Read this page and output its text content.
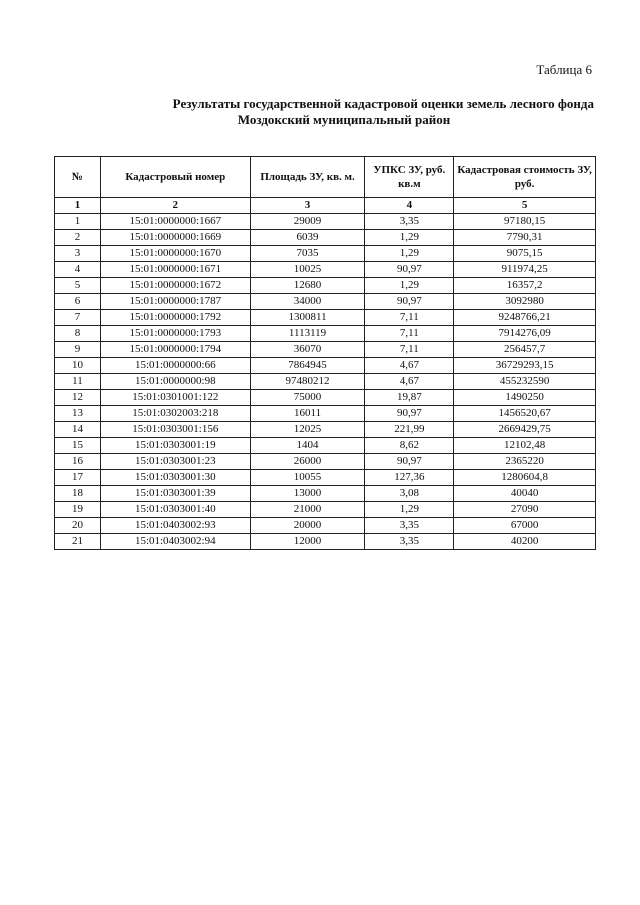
Таблица 6
Результаты государственной кадастровой оценки земель лесного фонда
Моздокский муниципальный район
№	Кадастровый номер	Площадь ЗУ, кв. м.	УПКС ЗУ, руб. кв.м	Кадастровая стоимость ЗУ, руб.
1	2	3	4	5
1	15:01:0000000:1667	29009	3,35	97180,15
2	15:01:0000000:1669	6039	1,29	7790,31
3	15:01:0000000:1670	7035	1,29	9075,15
4	15:01:0000000:1671	10025	90,97	911974,25
5	15:01:0000000:1672	12680	1,29	16357,2
6	15:01:0000000:1787	34000	90,97	3092980
7	15:01:0000000:1792	1300811	7,11	9248766,21
8	15:01:0000000:1793	1113119	7,11	7914276,09
9	15:01:0000000:1794	36070	7,11	256457,7
10	15:01:0000000:66	7864945	4,67	36729293,15
11	15:01:0000000:98	97480212	4,67	455232590
12	15:01:0301001:122	75000	19,87	1490250
13	15:01:0302003:218	16011	90,97	1456520,67
14	15:01:0303001:156	12025	221,99	2669429,75
15	15:01:0303001:19	1404	8,62	12102,48
16	15:01:0303001:23	26000	90,97	2365220
17	15:01:0303001:30	10055	127,36	1280604,8
18	15:01:0303001:39	13000	3,08	40040
19	15:01:0303001:40	21000	1,29	27090
20	15:01:0403002:93	20000	3,35	67000
21	15:01:0403002:94	12000	3,35	40200
